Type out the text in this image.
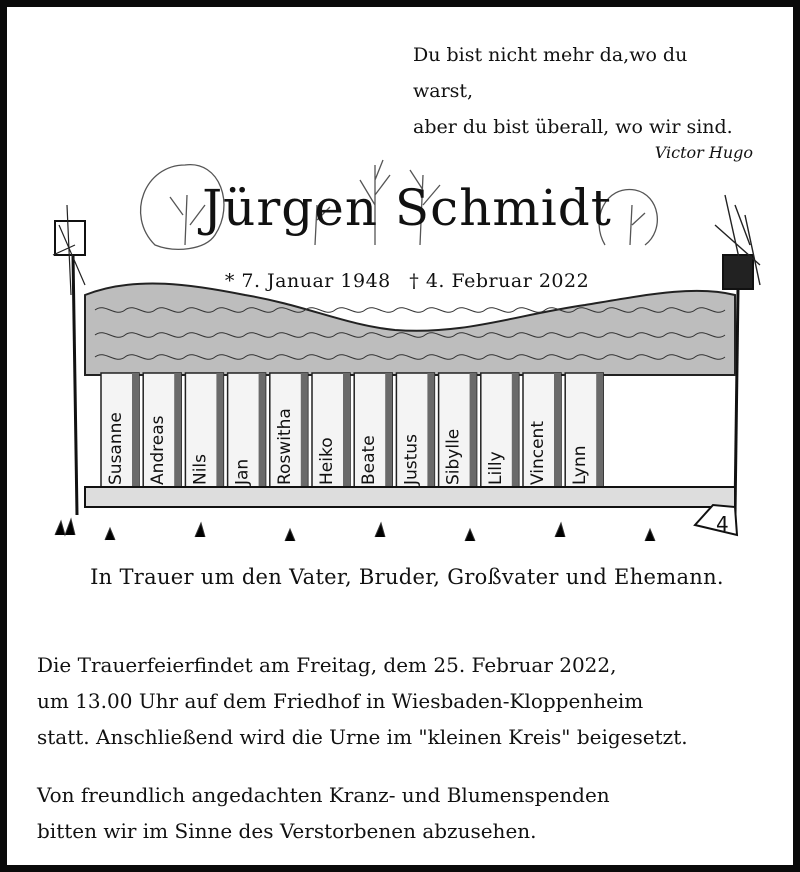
Du bist nicht mehr da,wo du warst,
aber du bist überall, wo wir sind.
Victor Hugo
Susanne Andreas Nils Jan Roswitha Heiko Beate Justus Sibylle Lilly Vincent Lynn
4
Jürgen Schmidt
* 7. Januar 1948 † 4. Februar 2022
In Trauer um den Vater, Bruder, Großvater und Ehemann.
Die Trauerfeierfindet am Freitag, dem 25. Februar 2022,
um 13.00 Uhr auf dem Friedhof in Wiesbaden-Kloppenheim
statt. Anschließend wird die Urne im "kleinen Kreis" beigesetzt.
Von freundlich angedachten Kranz- und Blumenspenden
bitten wir im Sinne des Verstorbenen abzusehen.
